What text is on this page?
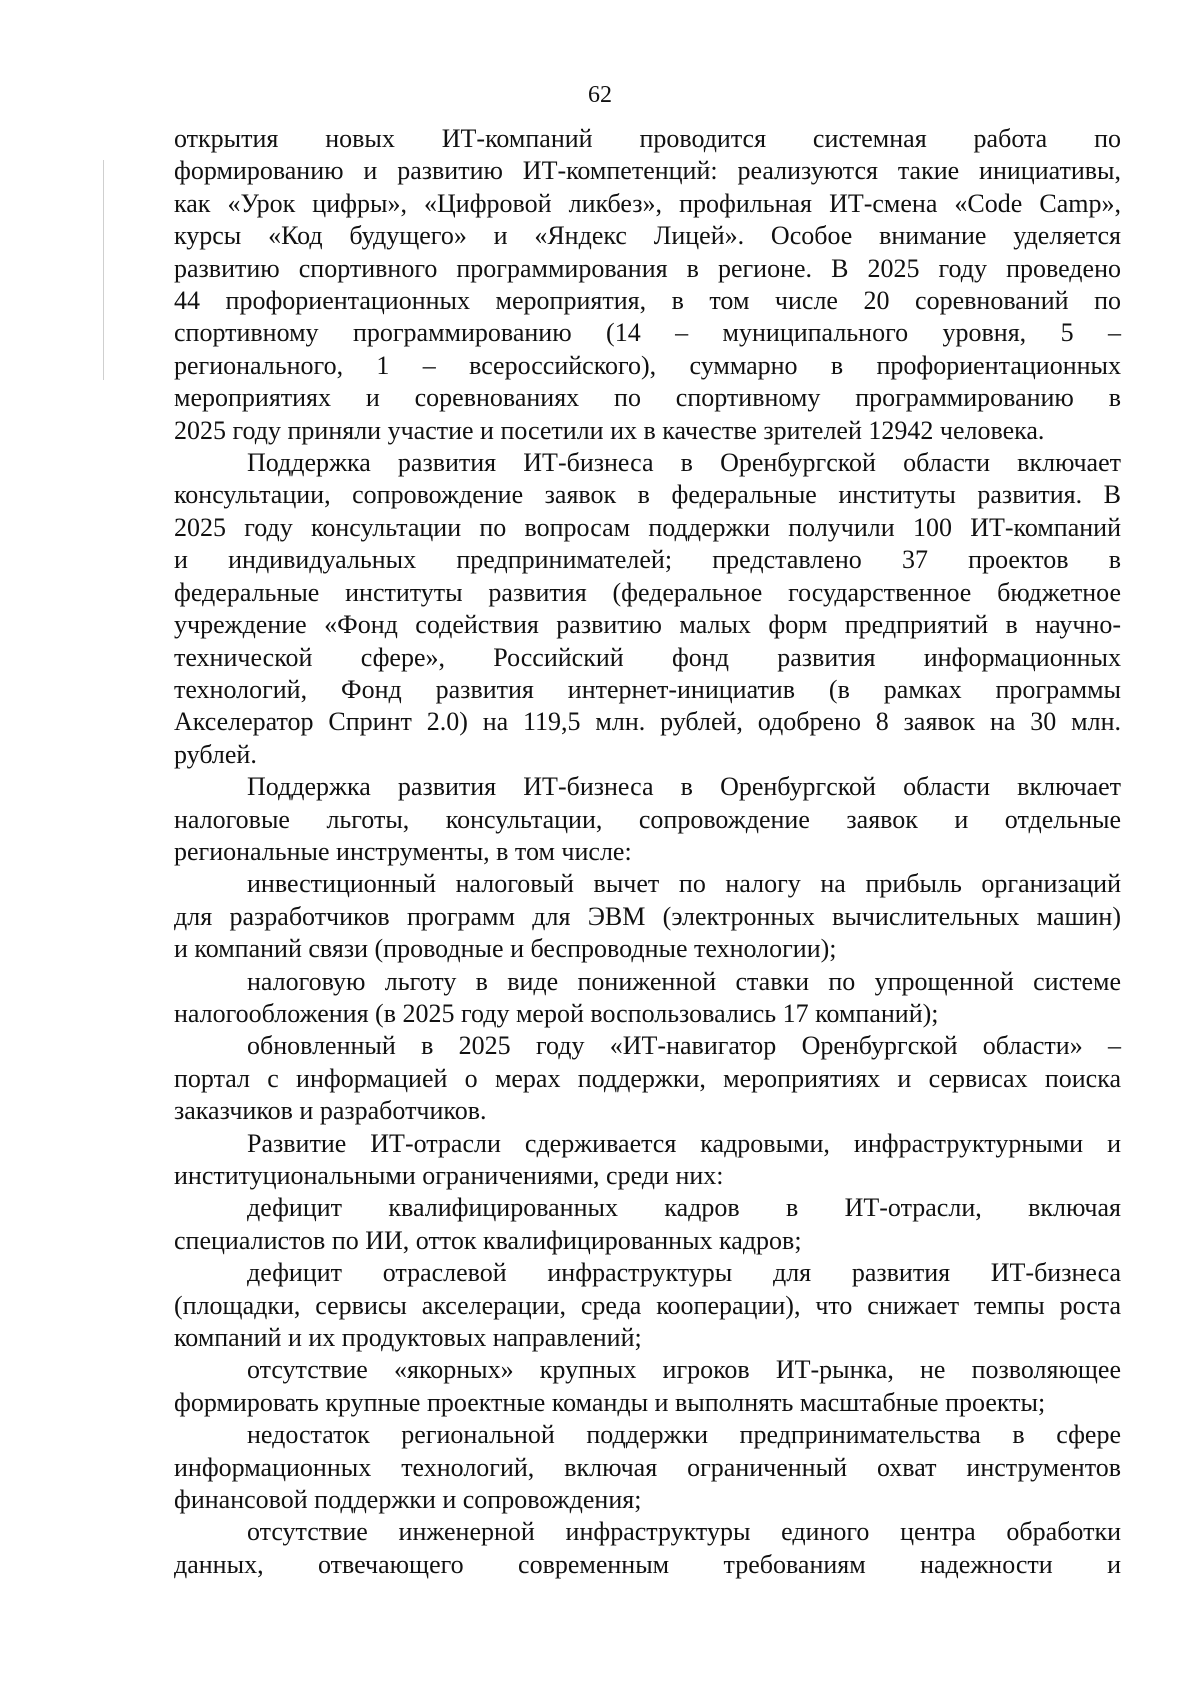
62
открытия новых ИТ-компаний проводится системная работа по
формированию и развитию ИТ-компетенций: реализуются такие инициативы,
как «Урок цифры», «Цифровой ликбез», профильная ИТ-смена «Code Camp»,
курсы «Код будущего» и «Яндекс Лицей». Особое внимание уделяется
развитию спортивного программирования в регионе. В 2025 году проведено
44 профориентационных мероприятия, в том числе 20 соревнований по
спортивному программированию (14 – муниципального уровня, 5 –
регионального, 1 – всероссийского), суммарно в профориентационных
мероприятиях и соревнованиях по спортивному программированию в
2025 году приняли участие и посетили их в качестве зрителей 12942 человека.
Поддержка развития ИТ-бизнеса в Оренбургской области включает
консультации, сопровождение заявок в федеральные институты развития. В
2025 году консультации по вопросам поддержки получили 100 ИТ-компаний
и индивидуальных предпринимателей; представлено 37 проектов в
федеральные институты развития (федеральное государственное бюджетное
учреждение «Фонд содействия развитию малых форм предприятий в научно-
технической сфере», Российский фонд развития информационных
технологий, Фонд развития интернет-инициатив (в рамках программы
Акселератор Спринт 2.0) на 119,5 млн. рублей, одобрено 8 заявок на 30 млн.
рублей.
Поддержка развития ИТ-бизнеса в Оренбургской области включает
налоговые льготы, консультации, сопровождение заявок и отдельные
региональные инструменты, в том числе:
инвестиционный налоговый вычет по налогу на прибыль организаций
для разработчиков программ для ЭВМ (электронных вычислительных машин)
и компаний связи (проводные и беспроводные технологии);
налоговую льготу в виде пониженной ставки по упрощенной системе
налогообложения (в 2025 году мерой воспользовались 17 компаний);
обновленный в 2025 году «ИТ-навигатор Оренбургской области» –
портал с информацией о мерах поддержки, мероприятиях и сервисах поиска
заказчиков и разработчиков.
Развитие ИТ-отрасли сдерживается кадровыми, инфраструктурными и
институциональными ограничениями, среди них:
дефицит квалифицированных кадров в ИТ-отрасли, включая
специалистов по ИИ, отток квалифицированных кадров;
дефицит отраслевой инфраструктуры для развития ИТ-бизнеса
(площадки, сервисы акселерации, среда кооперации), что снижает темпы роста
компаний и их продуктовых направлений;
отсутствие «якорных» крупных игроков ИТ-рынка, не позволяющее
формировать крупные проектные команды и выполнять масштабные проекты;
недостаток региональной поддержки предпринимательства в сфере
информационных технологий, включая ограниченный охват инструментов
финансовой поддержки и сопровождения;
отсутствие инженерной инфраструктуры единого центра обработки
данных, отвечающего современным требованиям надежности и
